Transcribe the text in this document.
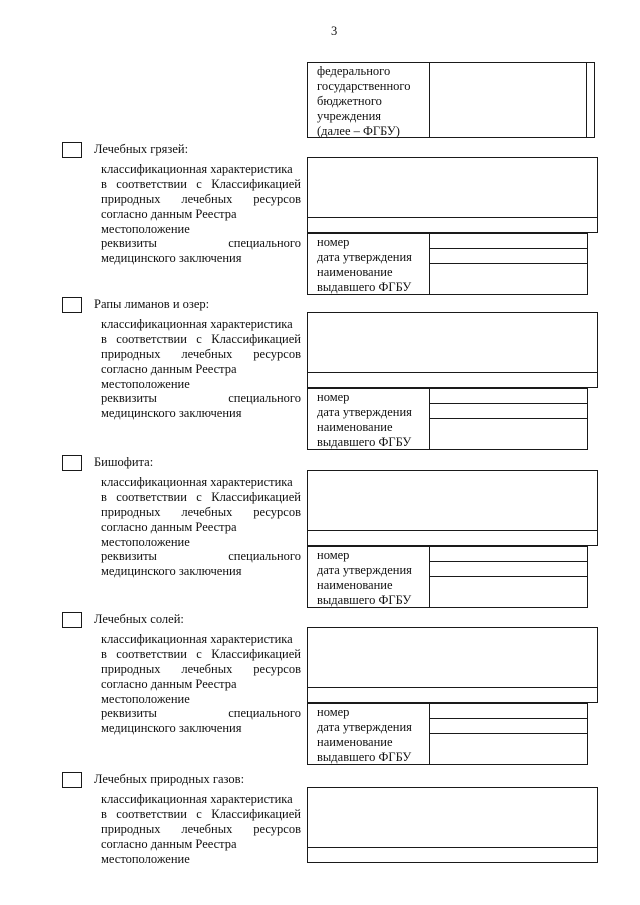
3
федерального
государственного
бюджетного
учреждения
(далее – ФГБУ)
Лечебных грязей:
классификационная характеристика
в соответствии с Классификацией
природных лечебных ресурсов
согласно данным Реестра
местоположение
реквизиты	специального
медицинского заключения
номер
дата утверждения
наименование
выдавшего ФГБУ
Рапы лиманов и озер:
классификационная характеристика
в соответствии с Классификацией
природных лечебных ресурсов
согласно данным Реестра
местоположение
реквизиты	специального
медицинского заключения
номер
дата утверждения
наименование
выдавшего ФГБУ
Бишофита:
классификационная характеристика
в соответствии с Классификацией
природных лечебных ресурсов
согласно данным Реестра
местоположение
реквизиты	специального
медицинского заключения
номер
дата утверждения
наименование
выдавшего ФГБУ
Лечебных солей:
классификационная характеристика
в соответствии с Классификацией
природных лечебных ресурсов
согласно данным Реестра
местоположение
реквизиты	специального
медицинского заключения
номер
дата утверждения
наименование
выдавшего ФГБУ
Лечебных природных газов:
классификационная характеристика
в соответствии с Классификацией
природных лечебных ресурсов
согласно данным Реестра
местоположение
